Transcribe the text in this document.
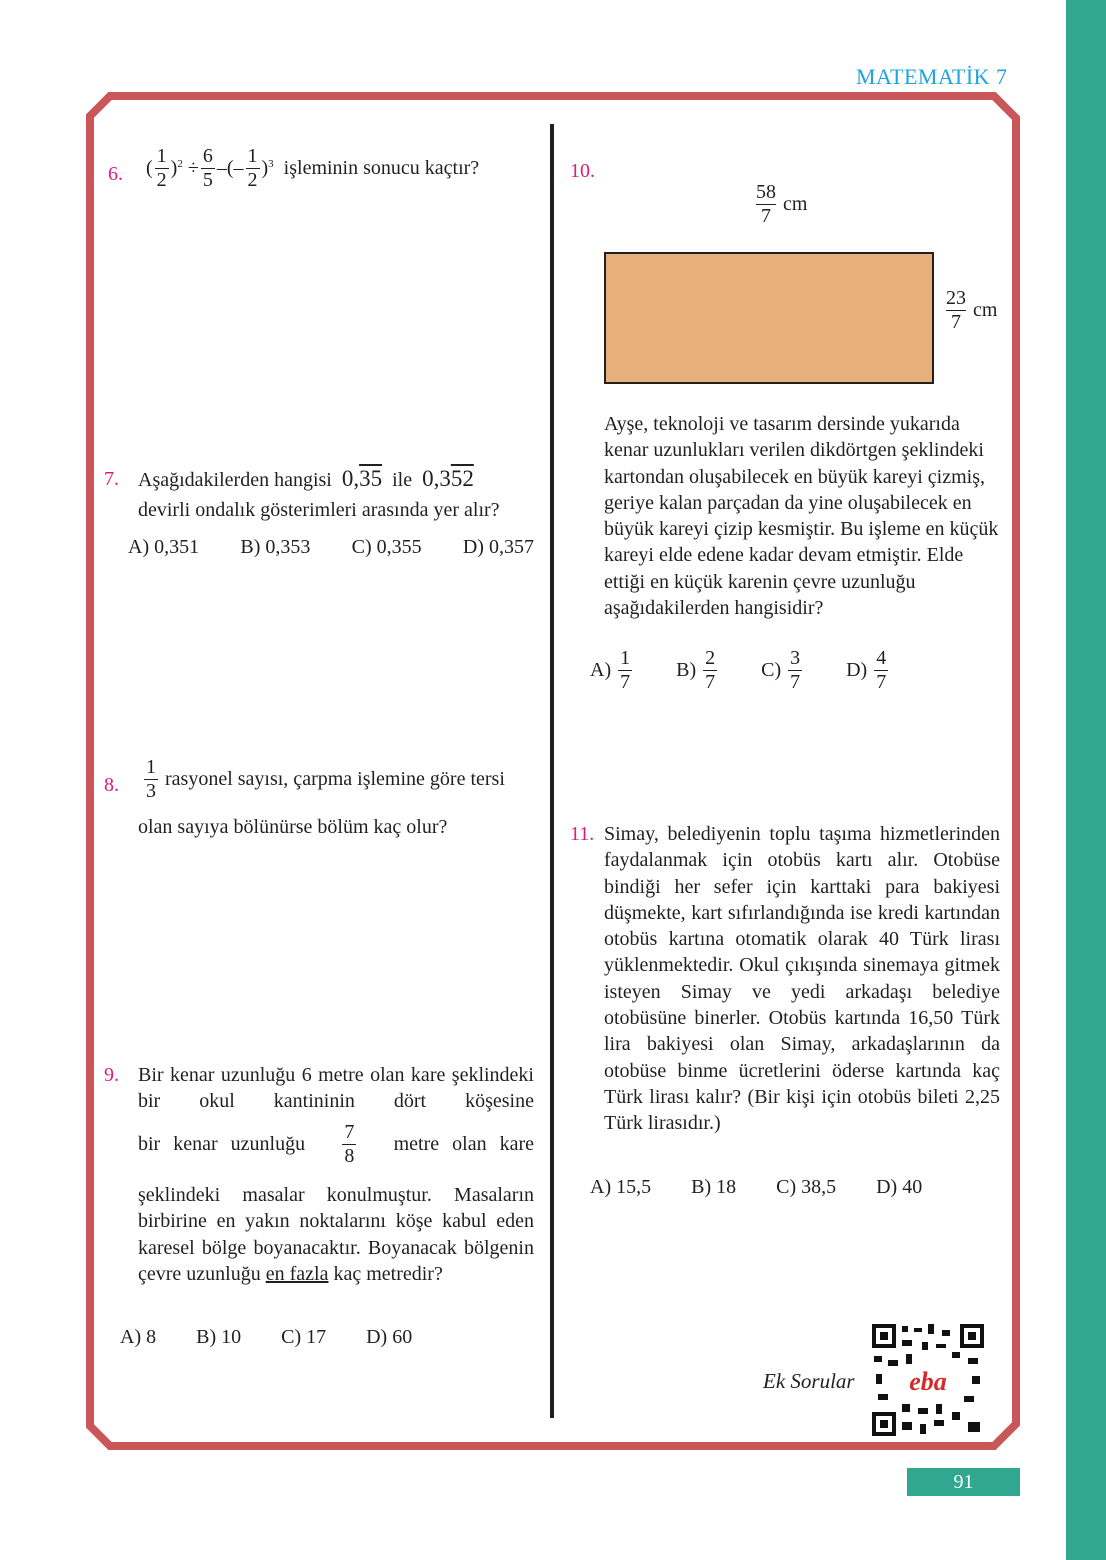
MATEMATİK 7
6. ( $\frac{1}{2} )^2 \div \frac{6}{5}$ –(– $\frac{1}{2} )^3$
işleminin sonucu kaçtır?
7. Aşağıdakilerden hangisi 0,35 ile 0,352
devirli ondalık gösterimleri arasında yer alır?
A) 0,351 B) 0,353 C) 0,355 D) 0,357
8. $\frac{1}{3}$
rasyonel sayısı, çarpma işlemine göre tersi
olan sayıya bölünürse bölüm kaç olur?
9. Bir kenar uzunluğu 6 metre olan kare şeklindeki bir okul kantininin dört köşesine
bir kenar uzunluğu $\frac{7}{8}$ metre olan kare
şeklindeki masalar konulmuştur. Masaların birbirine en yakın noktalarını köşe kabul eden karesel bölge boyanacaktır. Boyanacak bölgenin çevre uzunluğu en fazla kaç metredir?
A) 8 B) 10 C) 17 D) 60
10.
$\frac{58}{7}$
cm
$\frac{23}{7}$
cm
Ayşe, teknoloji ve tasarım dersinde yukarıda kenar uzunlukları verilen dikdörtgen şeklindeki kartondan oluşabilecek en büyük kareyi çizmiş, geriye kalan parçadan da yine oluşabilecek en büyük kareyi çizip kesmiştir. Bu işleme en küçük kareyi elde edene kadar devam etmiştir. Elde ettiği en küçük karenin çevre uzunluğu aşağıdakilerden hangisidir?
A)
$\frac{1}{7} B$)
$\frac{2}{7} C$)
$\frac{3}{7} D$)
$\frac{4}{7}$
11. Simay, belediyenin toplu taşıma hizmetlerinden faydalanmak için otobüs kartı alır. Otobüse bindiği her sefer için karttaki para bakiyesi düşmekte, kart sıfırlandığında ise kredi kartından otobüs kartına otomatik olarak 40 Türk lirası yüklenmektedir. Okul çıkışında sinemaya gitmek isteyen Simay ve yedi arkadaşı belediye otobüsüne binerler. Otobüs kartında 16,50 Türk lira bakiyesi olan Simay, arkadaşlarının da otobüse binme ücretlerini öderse kartında kaç Türk lirası kalır? (Bir kişi için otobüs bileti 2,25 Türk lirasıdır.)
A) 15,5 B) 18 C) 38,5 D) 40
Ek Sorular eba
91
